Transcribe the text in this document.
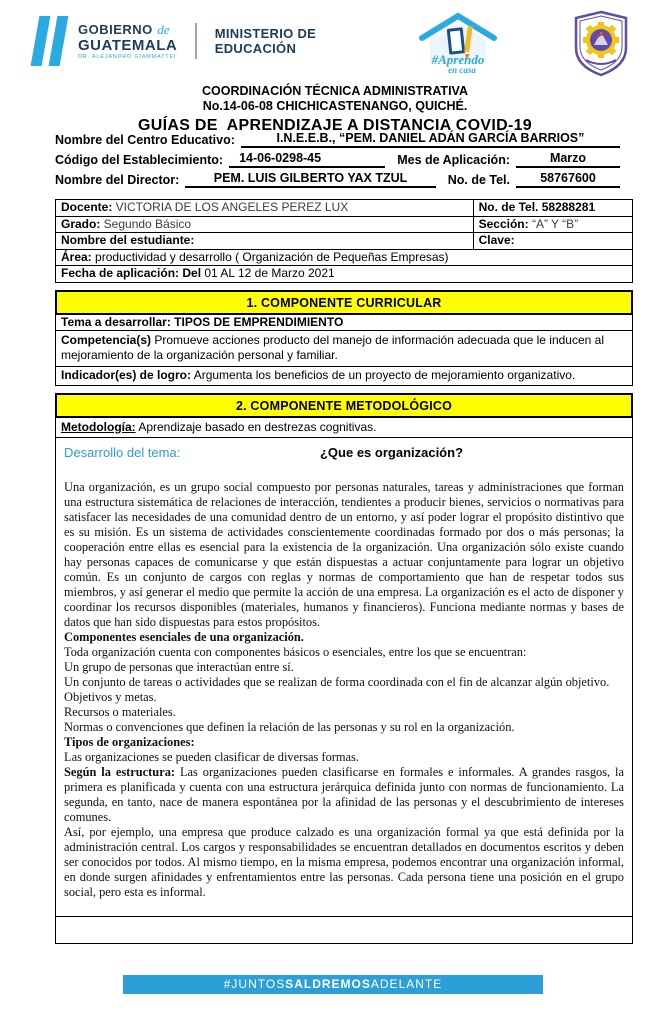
GOBIERNO de
GUATEMALA
DR. ALEJANDRO GIAMMATTEI
MINISTERIO DE
EDUCACIÓN
#Aprendo
en casa
COORDINACIÓN TÉCNICA ADMINISTRATIVA
No.14-06-08 CHICHICASTENANGO, QUICHÉ.
GUÍAS DE  APRENDIZAJE A DISTANCIA COVID-19
Nombre del Centro Educativo:	I.N.E.E.B., “PEM. DANIEL ADÁN GARCÍA BARRIOS”
Código del Establecimiento:	14-06-0298-45	Mes de Aplicación:	Marzo
Nombre del Director:	PEM. LUIS GILBERTO YAX TZUL	No. de Tel.	58767600
Docente: VICTORIA DE LOS ANGELES PEREZ LUX	No. de Tel. 58288281
Grado: Segundo Básico	Sección: “A” Y “B”
Nombre del estudiante:	Clave:
Área: productividad y desarrollo ( Organización de Pequeñas Empresas)
Fecha de aplicación: Del 01 AL 12 de Marzo 2021
1. COMPONENTE CURRICULAR
Tema a desarrollar: TIPOS DE EMPRENDIMIENTO
Competencia(s) Promueve acciones producto del manejo de información adecuada que le inducen al mejoramiento de la organización personal y familiar.
Indicador(es) de logro: Argumenta los beneficios de un proyecto de mejoramiento organizativo.
2. COMPONENTE METODOLÓGICO
Metodología: Aprendizaje basado en destrezas cognitivas.
Desarrollo del tema:	¿Que es organización?

Una organización, es un grupo social compuesto por personas naturales, tareas y administraciones que forman una estructura sistemática de relaciones de interacción, tendientes a producir bienes, servicios o normativas para satisfacer las necesidades de una comunidad dentro de un entorno, y así poder lograr el propósito distintivo que es su misión. Es un sistema de actividades conscientemente coordinadas formado por dos o más personas; la cooperación entre ellas es esencial para la existencia de la organización. Una organización sólo existe cuando hay personas capaces de comunicarse y que están dispuestas a actuar conjuntamente para lograr un objetivo común. Es un conjunto de cargos con reglas y normas de comportamiento que han de respetar todos sus miembros, y así generar el medio que permite la acción de una empresa. La organización es el acto de disponer y coordinar los recursos disponibles (materiales, humanos y financieros). Funciona mediante normas y bases de datos que han sido dispuestas para estos propósitos.

Componentes esenciales de una organización.
Toda organización cuenta con componentes básicos o esenciales, entre los que se encuentran:
Un grupo de personas que interactúan entre sí.
Un conjunto de tareas o actividades que se realizan de forma coordinada con el fin de alcanzar algún objetivo.
Objetivos y metas.
Recursos o materiales.
Normas o convenciones que definen la relación de las personas y su rol en la organización.
Tipos de organizaciones:
Las organizaciones se pueden clasificar de diversas formas.

Según la estructura: Las organizaciones pueden clasificarse en formales e informales. A grandes rasgos, la primera es planificada y cuenta con una estructura jerárquica definida junto con normas de funcionamiento. La segunda, en tanto, nace de manera espontánea por la afinidad de las personas y el descubrimiento de intereses comunes.

Así, por ejemplo, una empresa que produce calzado es una organización formal ya que está definida por la administración central. Los cargos y responsabilidades se encuentran detallados en documentos escritos y deben ser conocidos por todos. Al mismo tiempo, en la misma empresa, podemos encontrar una organización informal, en donde surgen afinidades y enfrentamientos entre las personas. Cada persona tiene una posición en el grupo social, pero esta es informal.

#JUNTOSSALDREMOSADELANTE
